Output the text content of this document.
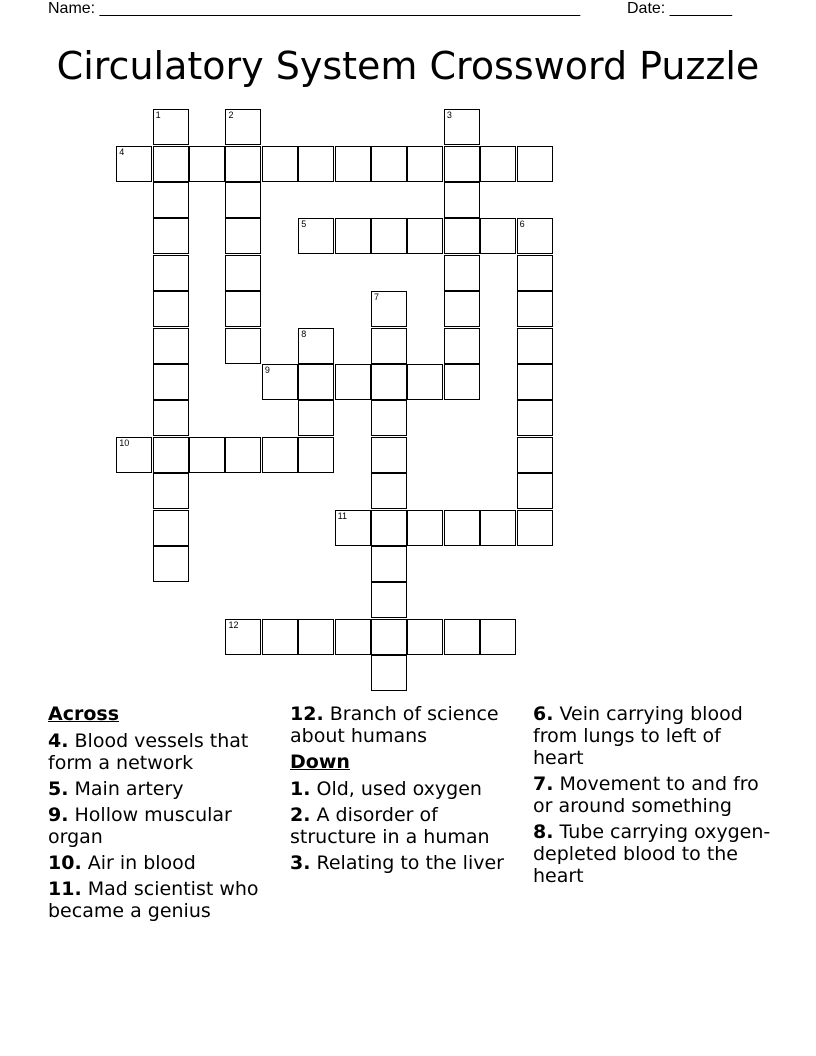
Name: ______________________________________________________	Date: _______
Circulatory System Crossword Puzzle
4
5
9
10
11
12
1	2	3
6
7
8
Across
4. Blood vessels that form a network
5. Main artery
9. Hollow muscular organ
10. Air in blood
11. Mad scientist who became a genius
12. Branch of science about humans
Down
1. Old, used oxygen
2. A disorder of structure in a human
3. Relating to the liver
6. Vein carrying blood from lungs to left of heart
7. Movement to and fro or around something
8. Tube carrying oxygen-depleted blood to the heart
